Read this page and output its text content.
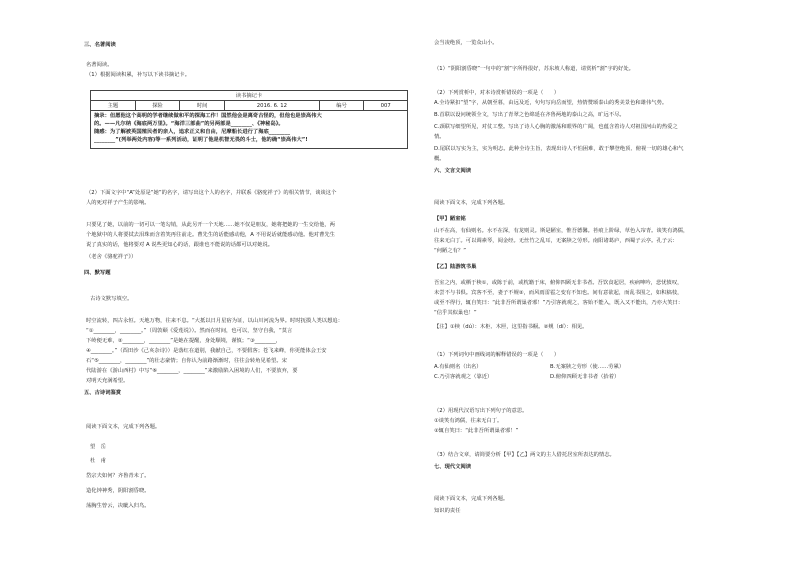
三、名著阅读
名著阅读。
（1）根据阅读积累，补写以下读书摘记卡。
读书摘记卡
主题	探险	时间	2016. 6. 12	编号	007

摘录：但愿他这个高明的学者继续做和平的探海工作！国然他会是离奇古怪的，但他也是崇高伟大
的。——凡尔纳《海底两万里》。“海洋三部曲”的另两部是________、《神秘岛》。
随感：为了解被英国殖民者的亲人，追求正义和自由，尼摩船长进行了海底________
________”(列举两处内容)等一系列活动，证明了他是机智无畏的斗士，他的确“崇高伟大”!
（2）下面文字中“A”处原是“她”的名字，请写出这个人的名字，并联系《骆驼祥子》的相关情节，谈谈这个
人的死对祥子产生的影响。
只要见了她，以前的一切可以一笔勾销，从此另开一个天地……她不仅是朋友，她将把她的一生交给他，两
个地狱中的人将要拭去泪珠而含着笑再往前走。曹先生的话能感动他，A 不用说话就能感动他。他对曹先生
说了真实的话，他将要对 A 说些更知心的话，跟谁也不能说的话都可以对她说。
（老舍《骆驼祥子》）
四、默写题
古诗文默写填空。
时空流转，四古永恒。天地万物，往来不息。“大抵以日月星宿为证，以山川河流为界。时时抚摸人类以想追：
“①________，________。”（周敦颐《爱莲说》）。然而在时间，也可以，坚守自我，“莫言
下岭便无难，②________，________”是她在提醒，身处顺境，谨慎；“③________，
④________。”（酉田沙《己亥杂诗》）是落红在道别，我献自己，不要假客；苍飞来峰，你更能体会王安
石“⑤________，________”的壮志豪情；自你认为前路渐渐时，往往会转角见希望。宋
代陆游在《游山西村》中写“⑥________，________”来激励陷入困境的人们，不要放弃，要
对明天充满希望。
五、古诗词鉴赏
阅读下面文本，完成下列各题。
望　岳
杜　甫
岱宗夫如何？齐鲁青未了。
造化钟神秀，阴阳割昏晓。
荡胸生曾云，决眦入归鸟。
会当凌绝顶，一览众山小。
（1）“阴阳割昏晓”一句中的“割”字所得很好，苏东坡人称道，请赏析“割”字的好处。
（2）下列赏析中，对本诗赏析错误的一项是（　　）
A.全诗紧扣“望”字，从朝至暮，由远及近，句句写向岳而望，热情赞颂泰山的秀美景色和雄伟气势。
B.首联以设问统领全文，写出了青翠之色绵延在齐鲁两地的泰山之高，旷远不尽。
C.颈联写细望所见，对仗工整。写出了诗人心胸的激荡和眼界的广阔，也蕴含着诗人对祖国河山的热爱之
情。
D.尾联以写实为主，实为明志。此种全诗主旨，表现出诗人不怕困难，敢于攀登绝顶、俯视一切的雄心和气
概。
六、文言文阅读
阅读下面文本，完成下列各题。
【甲】陋室铭
山不在高，有仙则名。水不在深，有龙则灵。斯是陋室，惟吾德馨。苔痕上阶绿，草色入帘青。谈笑有鸿儒，
往来无白丁。可以调素琴，阅金经。无丝竹之乱耳，无案牍之劳形。南阳诸葛庐，西蜀子云亭。孔子云：
“何陋之有？”
【乙】陆游筑书巢
吾室之内，或栖于椟①，或陈于前，或枕籍于床，俯仰四顾无非书者。吾饮食起居，疾病呻吟，悲忧愤叹，
未尝不与书俱。宾客不至，妻子不觌②，而风雨雷雹之变有不知也。间有意欲起，而乱书围之，如积槁枝，
或至不得行，辄自笑曰：“此非吾所谓巢者邪！”乃引客就观之，客始不能入，既入又不能出，乃亦大笑曰：
“信乎其似巢也！”
【注】①椟（dú）：木柜、木匣，这里指书橱。②觌（dí）：相见。
（1）下列词句中画线词的解释错误的一项是（　　）
A.有仙则名（出名）	B.无案牍之劳形（使……劳累）
C.乃引客就观之（靠近）	D.俯仰四顾无非书者（抬着）
（2）用现代汉语写出下列句子的意思。
①谈笑有鸿儒，往来无白丁。
②辄自笑曰：“此非吾所谓巢者邪！”
（3）结合文章，请简要分析【甲】【乙】两文的主人借托居室所表达的情志。
七、现代文阅读
阅读下面文本，完成下列各题。
知识的责任
